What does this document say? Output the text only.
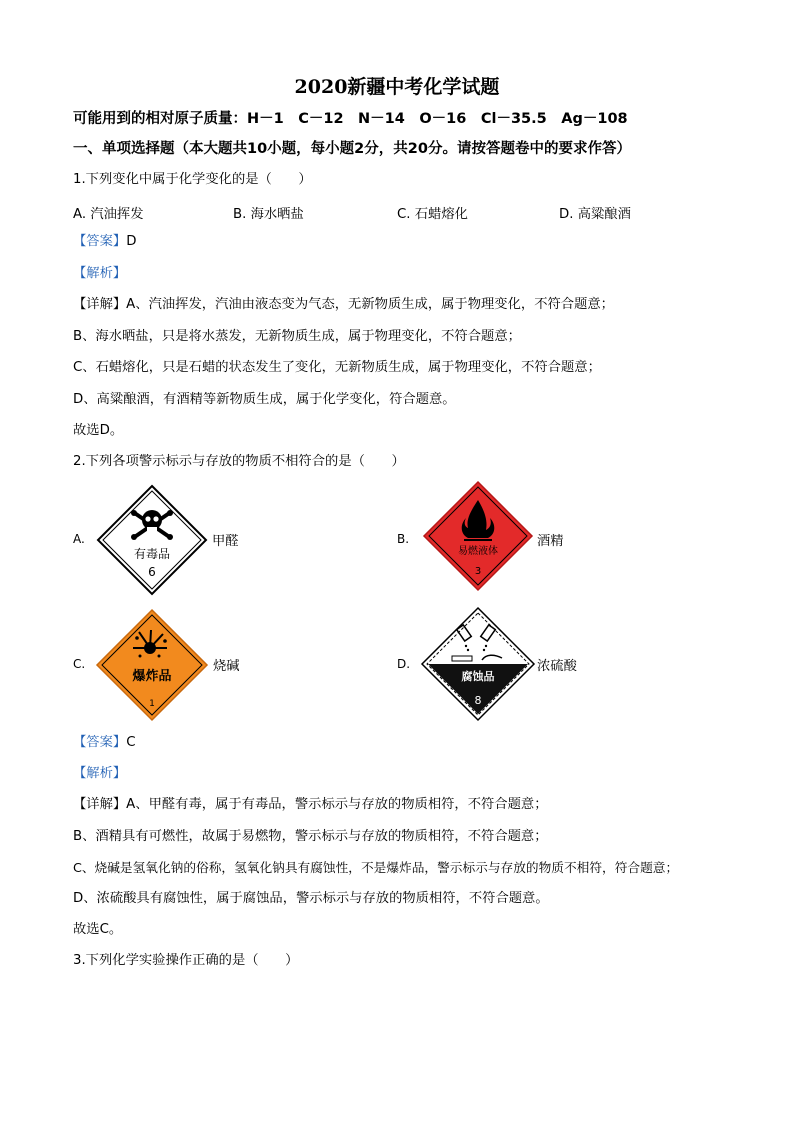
2020新疆中考化学试题
可能用到的相对原子质量：H－1　C－12　N－14　O－16　Cl－35.5　Ag－108
一、单项选择题（本大题共10小题，每小题2分，共20分。请按答题卷中的要求作答）
1.下列变化中属于化学变化的是（　　）
A. 汽油挥发	B. 海水晒盐	C. 石蜡熔化	D. 高粱酿酒
【答案】D
【解析】
【详解】A、汽油挥发，汽油由液态变为气态，无新物质生成，属于物理变化，不符合题意；
B、海水晒盐，只是将水蒸发，无新物质生成，属于物理变化，不符合题意；
C、石蜡熔化，只是石蜡的状态发生了变化，无新物质生成，属于物理变化，不符合题意；
D、高粱酿酒，有酒精等新物质生成，属于化学变化，符合题意。
故选D。
2.下列各项警示标示与存放的物质不相符合的是（　　）
A.
有毒品
6
甲醛	B.
易燃液体
3
酒精
C.
爆炸品
1
烧碱	D.
腐蚀品
8
浓硫酸
【答案】C
【解析】
【详解】A、甲醛有毒，属于有毒品，警示标示与存放的物质相符，不符合题意；
B、酒精具有可燃性，故属于易燃物，警示标示与存放的物质相符，不符合题意；
C、烧碱是氢氧化钠的俗称，氢氧化钠具有腐蚀性，不是爆炸品，警示标示与存放的物质不相符，符合题意；
D、浓硫酸具有腐蚀性，属于腐蚀品，警示标示与存放的物质相符，不符合题意。
故选C。
3.下列化学实验操作正确的是（　　）
